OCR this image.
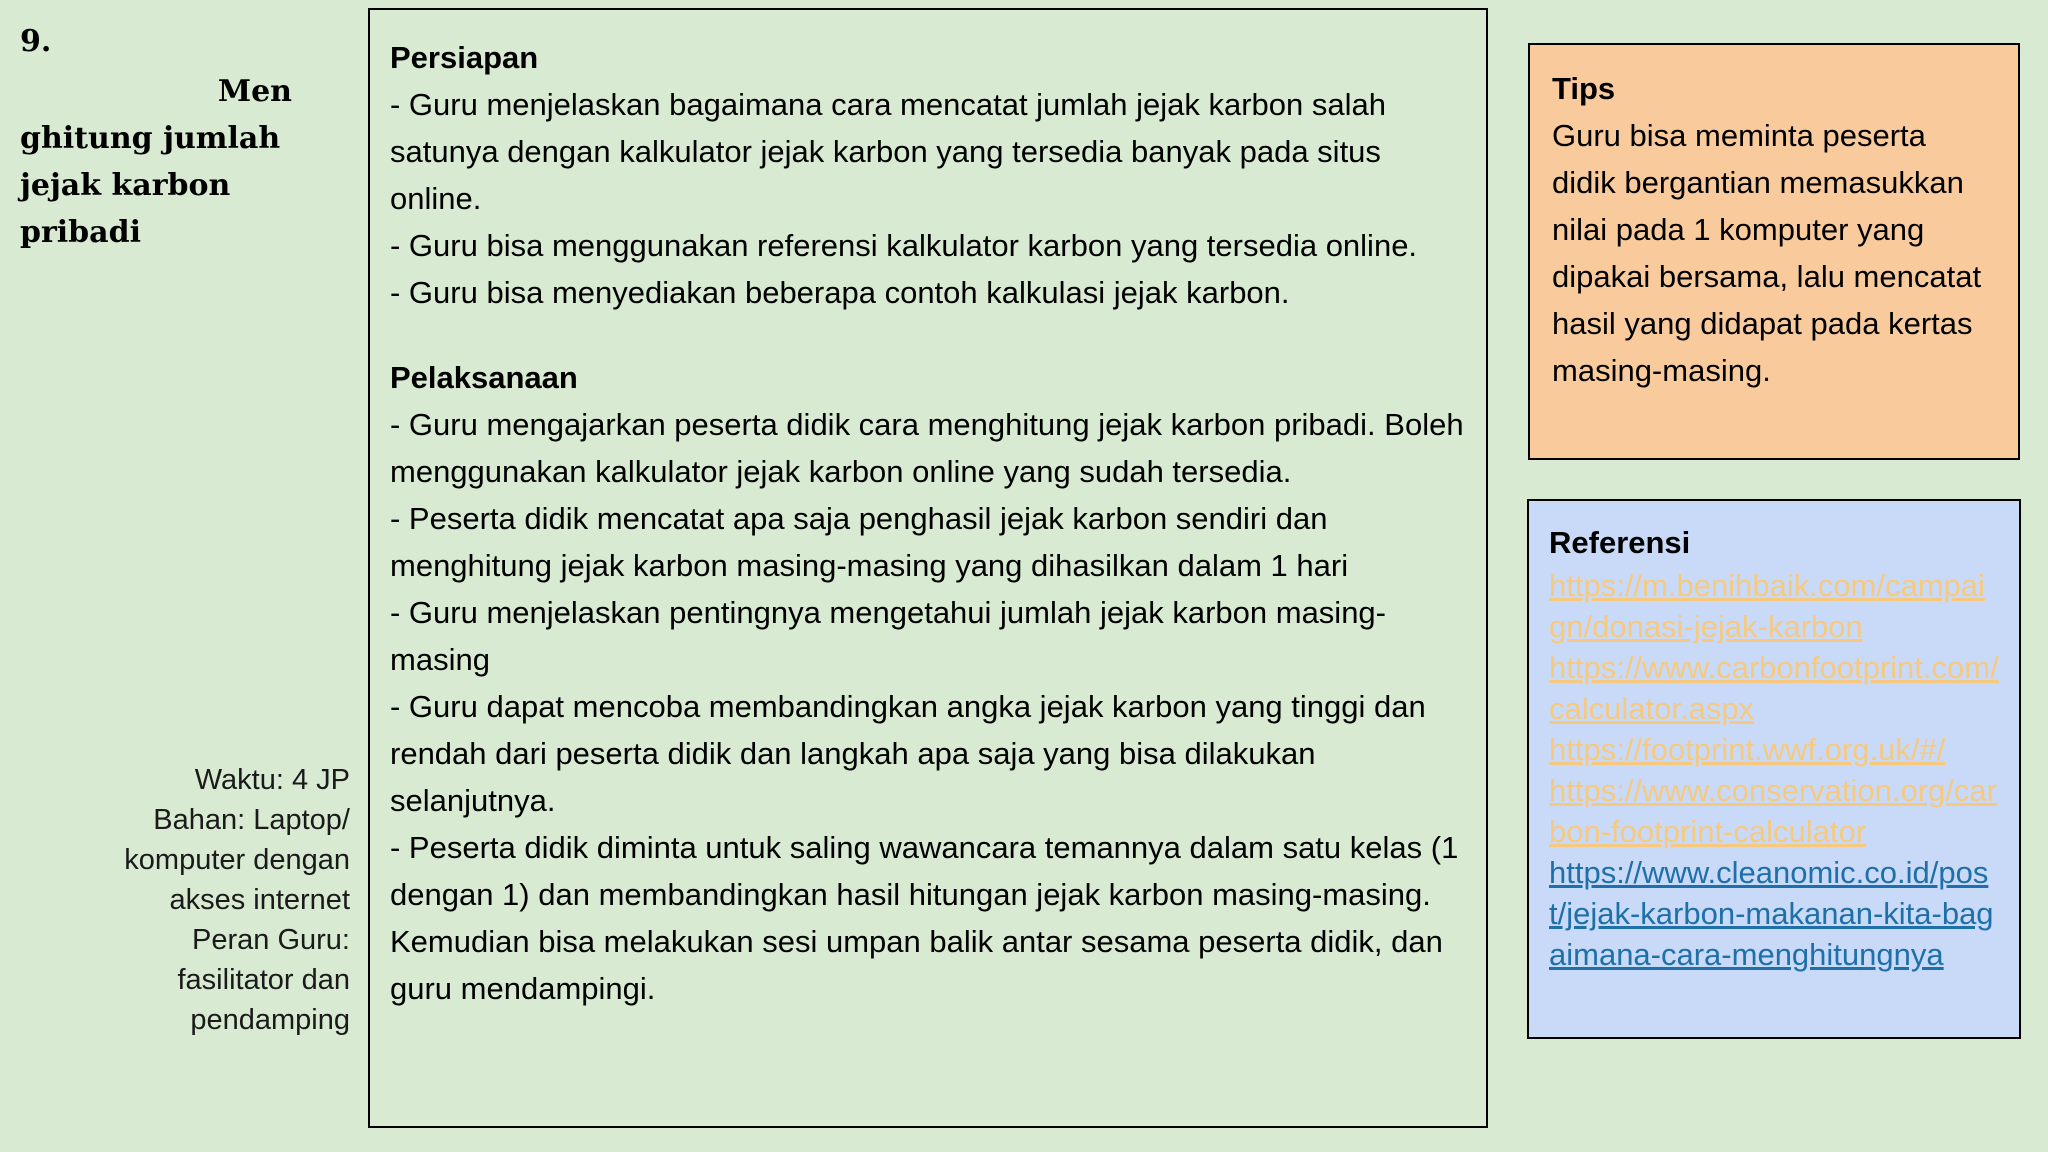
9.
Men
ghitung jumlah jejak karbon pribadi
Waktu: 4 JP
Bahan: Laptop/
komputer dengan
akses internet
Peran Guru:
fasilitator dan
pendamping
Persiapan

- Guru menjelaskan bagaimana cara mencatat jumlah jejak karbon salah satunya dengan kalkulator jejak karbon yang tersedia banyak pada situs online.

- Guru bisa menggunakan referensi kalkulator karbon yang tersedia online.

- Guru bisa menyediakan beberapa contoh kalkulasi jejak karbon.

Pelaksanaan

- Guru mengajarkan peserta didik cara menghitung jejak karbon pribadi. Boleh menggunakan kalkulator jejak karbon online yang sudah tersedia.

- Peserta didik mencatat apa saja penghasil jejak karbon sendiri dan menghitung jejak karbon masing-masing yang dihasilkan dalam 1 hari

- Guru menjelaskan pentingnya mengetahui jumlah jejak karbon masing-masing

- Guru dapat mencoba membandingkan angka jejak karbon yang tinggi dan rendah dari peserta didik dan langkah apa saja yang bisa dilakukan selanjutnya.

- Peserta didik diminta untuk saling wawancara temannya dalam satu kelas (1 dengan 1) dan membandingkan hasil hitungan jejak karbon masing-masing. Kemudian bisa melakukan sesi umpan balik antar sesama peserta didik, dan guru mendampingi.

Tips

Guru bisa meminta peserta didik bergantian memasukkan nilai pada 1 komputer yang dipakai bersama, lalu mencatat hasil yang didapat pada kertas masing-masing.

Referensi
https://m.benihbaik.com/campaign/donasi-jejak-karbon
https://www.carbonfootprint.com/calculator.aspx
https://footprint.wwf.org.uk/#/
https://www.conservation.org/carbon-footprint-calculator
https://www.cleanomic.co.id/post/jejak-karbon-makanan-kita-bagaimana-cara-menghitungnya
